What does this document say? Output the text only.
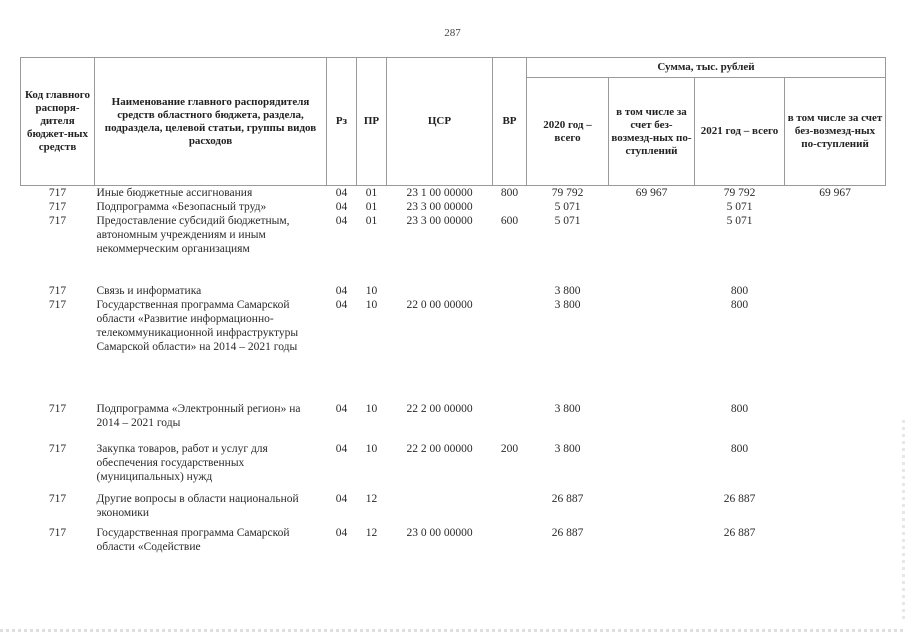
287
Код главного распоря-дителя бюджет-ных средств	Наименование главного распорядителя средств областного бюджета, раздела, подраздела, целевой статьи, группы видов расходов	Рз	ПР	ЦСР	ВР	Сумма, тыс. рублей			
						2020 год – всего	в том числе за счет без-возмезд-ных по-ступлений	2021 год – всего	в том числе за счет без-возмезд-ных по-ступлений
717	Иные бюджетные ассигнования	04	01	23 1 00 00000	800	79 792	69 967	79 792	69 967
717	Подпрограмма «Безопасный труд»	04	01	23 3 00 00000		5 071		5 071	
717	Предоставление субсидий бюджетным, автономным учреждениям и иным некоммерческим организациям	04	01	23 3 00 00000	600	5 071		5 071	
717	Связь и информатика	04	10			3 800		800	
717	Государственная программа Самарской области «Развитие информационно-телекоммуникационной инфраструктуры Самарской области» на 2014 – 2021 годы	04	10	22 0 00 00000		3 800		800	

717	Подпрограмма «Электронный регион» на 2014 – 2021 годы	04	10	22 2 00 00000		3 800		800	

717	Закупка товаров, работ и услуг для обеспечения государственных (муниципальных) нужд	04	10	22 2 00 00000	200	3 800		800	
717	Другие вопросы в области национальной экономики	04	12			26 887		26 887	
717	Государственная программа Самарской области «Содействие	04	12	23 0 00 00000		26 887		26 887	
